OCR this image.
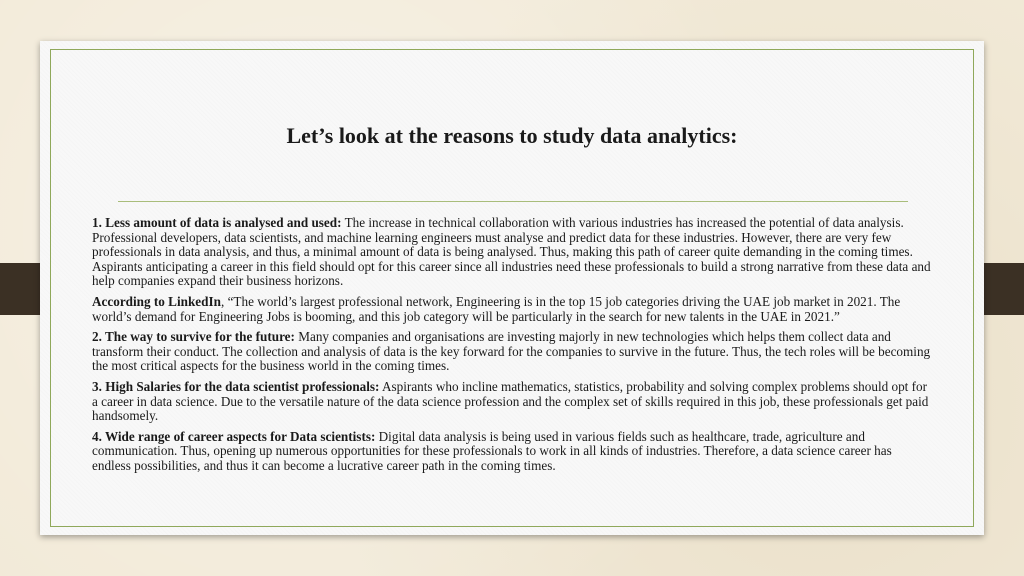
Let’s look at the reasons to study data analytics:

1. Less amount of data is analysed and used: The increase in technical collaboration with various industries has increased the potential of data analysis. Professional developers, data scientists, and machine learning engineers must analyse and predict data for these industries. However, there are very few professionals in data analysis, and thus, a minimal amount of data is being analysed. Thus, making this path of career quite demanding in the coming times. Aspirants anticipating a career in this field should opt for this career since all industries need these professionals to build a strong narrative from these data and help companies expand their business horizons.

According to LinkedIn, “The world’s largest professional network, Engineering is in the top 15 job categories driving the UAE job market in 2021. The world’s demand for Engineering Jobs is booming, and this job category will be particularly in the search for new talents in the UAE in 2021.”

2. The way to survive for the future: Many companies and organisations are investing majorly in new technologies which helps them collect data and transform their conduct. The collection and analysis of data is the key forward for the companies to survive in the future. Thus, the tech roles will be becoming the most critical aspects for the business world in the coming times.

3. High Salaries for the data scientist professionals: Aspirants who incline mathematics, statistics, probability and solving complex problems should opt for a career in data science. Due to the versatile nature of the data science profession and the complex set of skills required in this job, these professionals get paid handsomely.

4. Wide range of career aspects for Data scientists: Digital data analysis is being used in various fields such as healthcare, trade, agriculture and communication. Thus, opening up numerous opportunities for these professionals to work in all kinds of industries. Therefore, a data science career has endless possibilities, and thus it can become a lucrative career path in the coming times.
